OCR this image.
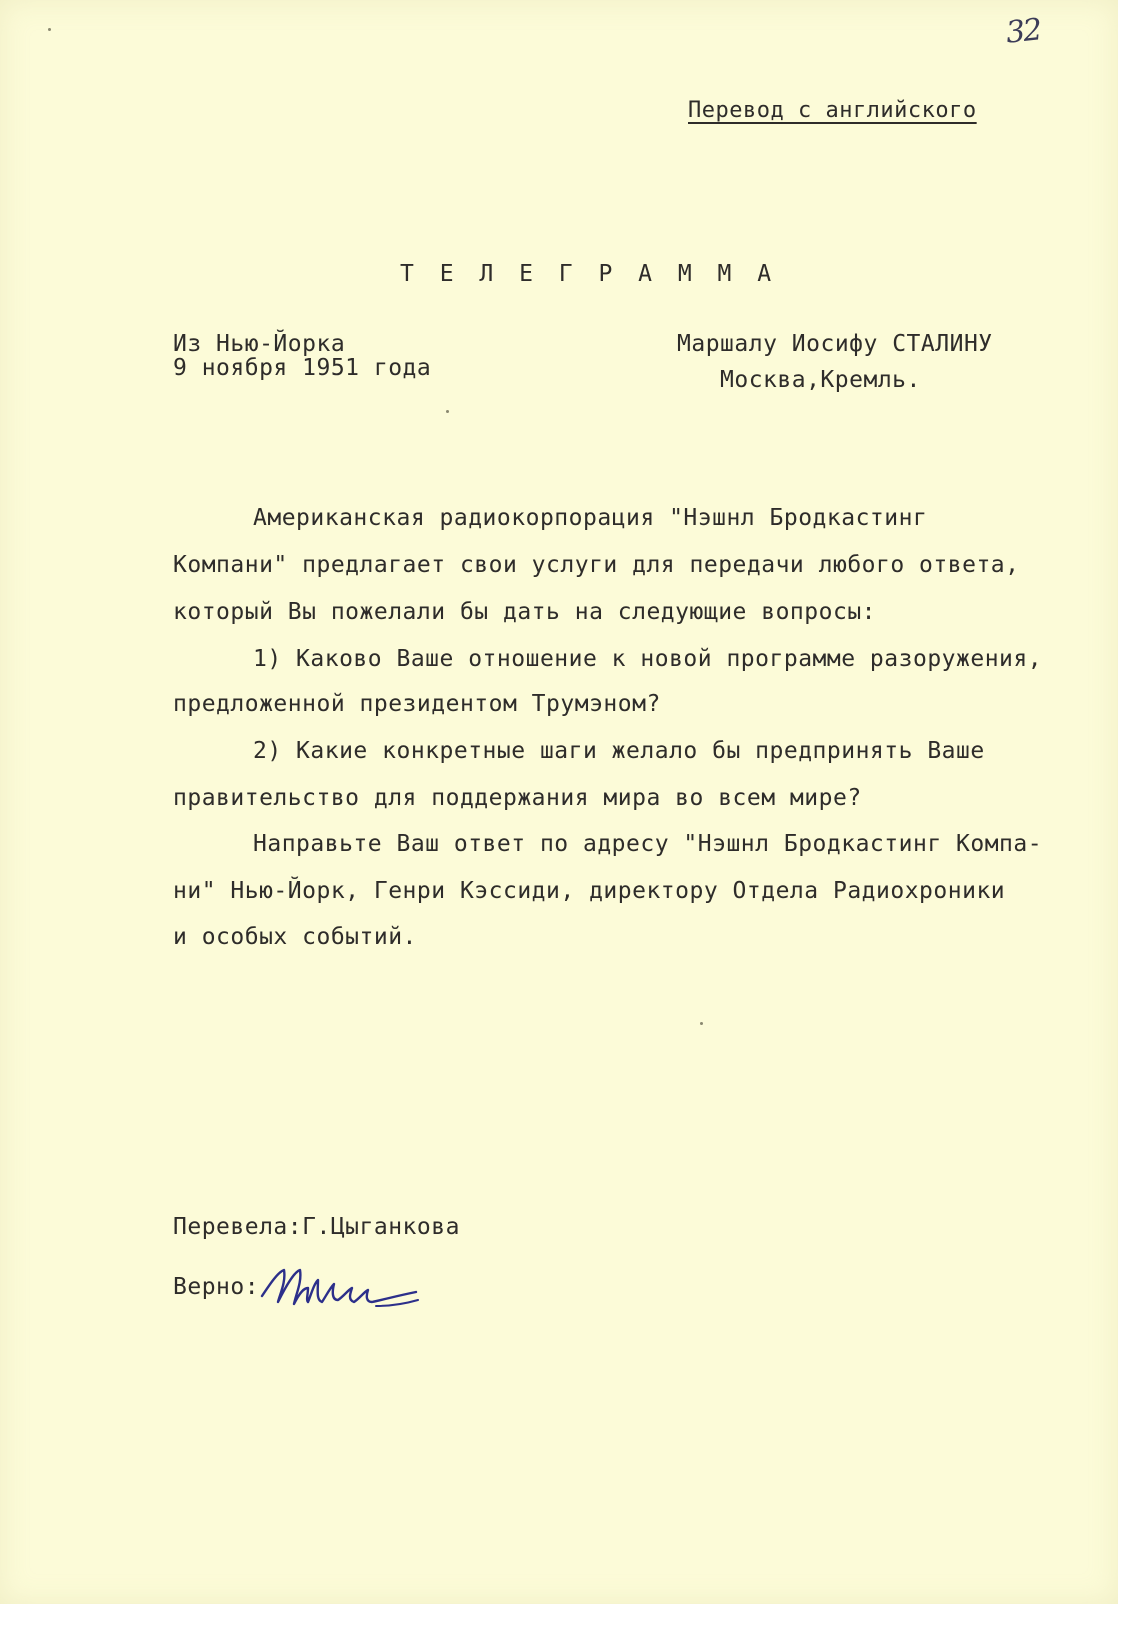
32
Перевод с английского
Т Е Л Е Г Р А М М А
Из Нью-Йорка
9 ноября 1951 года
Маршалу Иосифу СТАЛИНУ
Москва,Кремль.
Американская радиокорпорация "Нэшнл Бродкастинг
Компани" предлагает свои услуги для передачи любого ответа,
который Вы пожелали бы дать на следующие вопросы:
1) Каково Ваше отношение к новой программе разоружения,
предложенной президентом Трумэном?
2) Какие конкретные шаги желало бы предпринять Ваше
правительство для поддержания мира во всем мире?
Направьте Ваш ответ по адресу "Нэшнл Бродкастинг Компа-
ни" Нью-Йорк, Генри Кэссиди, директору Отдела Радиохроники
и особых событий.
Перевела:Г.Цыганкова
Верно:
